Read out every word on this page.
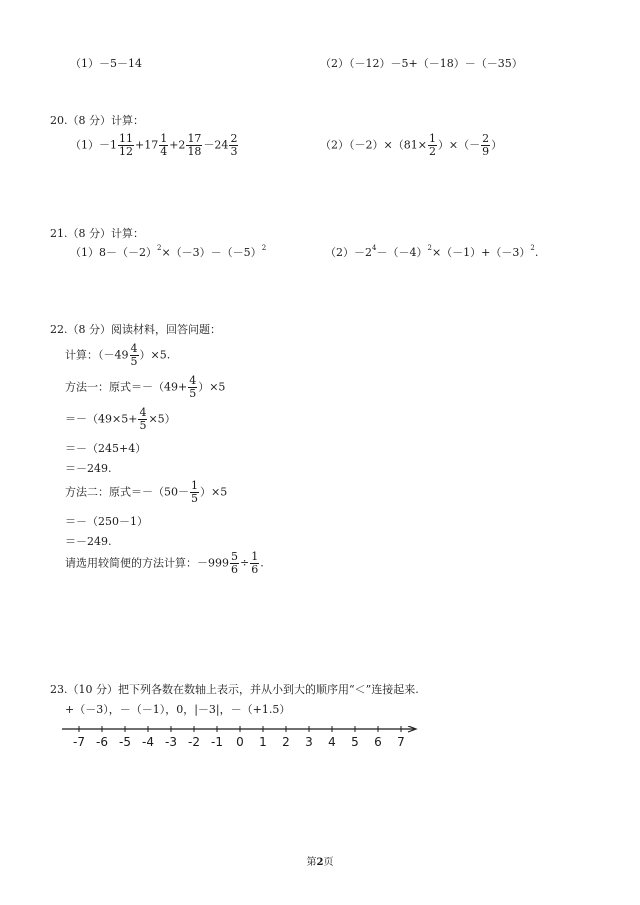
（1）－5－14	（2）（－12）－5+（－18）－（－35）
20.（8 分）计算：
$(1)-1 \frac{11}{12} +17 \frac{1}{4} +2 \frac{17}{18} -24 \frac{2}{3}$	$(2)(-2)\times(81\times \frac{1}{2}$ ）×（－ $\frac{2}{9}$ ）
21.（8 分）计算：
$(1)8-(-2)^2\times(-3)-(-5)^2$	$(2)-2^4-(-4)^2\times(-1)+(-3)^2$.
22.（8 分）阅读材料，回答问题：
计算：$(-49 \frac{4}{5} )\times 5$.
方法一：原式$=-(49+ \frac{4}{5} )\times 5$
$=-(49\times 5+ \frac{4}{5} \times 5)$
＝－（245+4）
＝－249.
方法二：原式$=-(50- \frac{1}{5} )\times 5$
＝－（250－1）
＝－249.
请选用较简便的方法计算：$-999 \frac{5}{6} \div \frac{1}{6}$ .
23.（10 分）把下列各数在数轴上表示，并从小到大的顺序用“＜”连接起来.
+（－3），－（－1），0，|－3|，－（+1.5）
-7 -6 -5 -4 -3 -2 -1 0 1 2 3 4 5 6 7
第2页
